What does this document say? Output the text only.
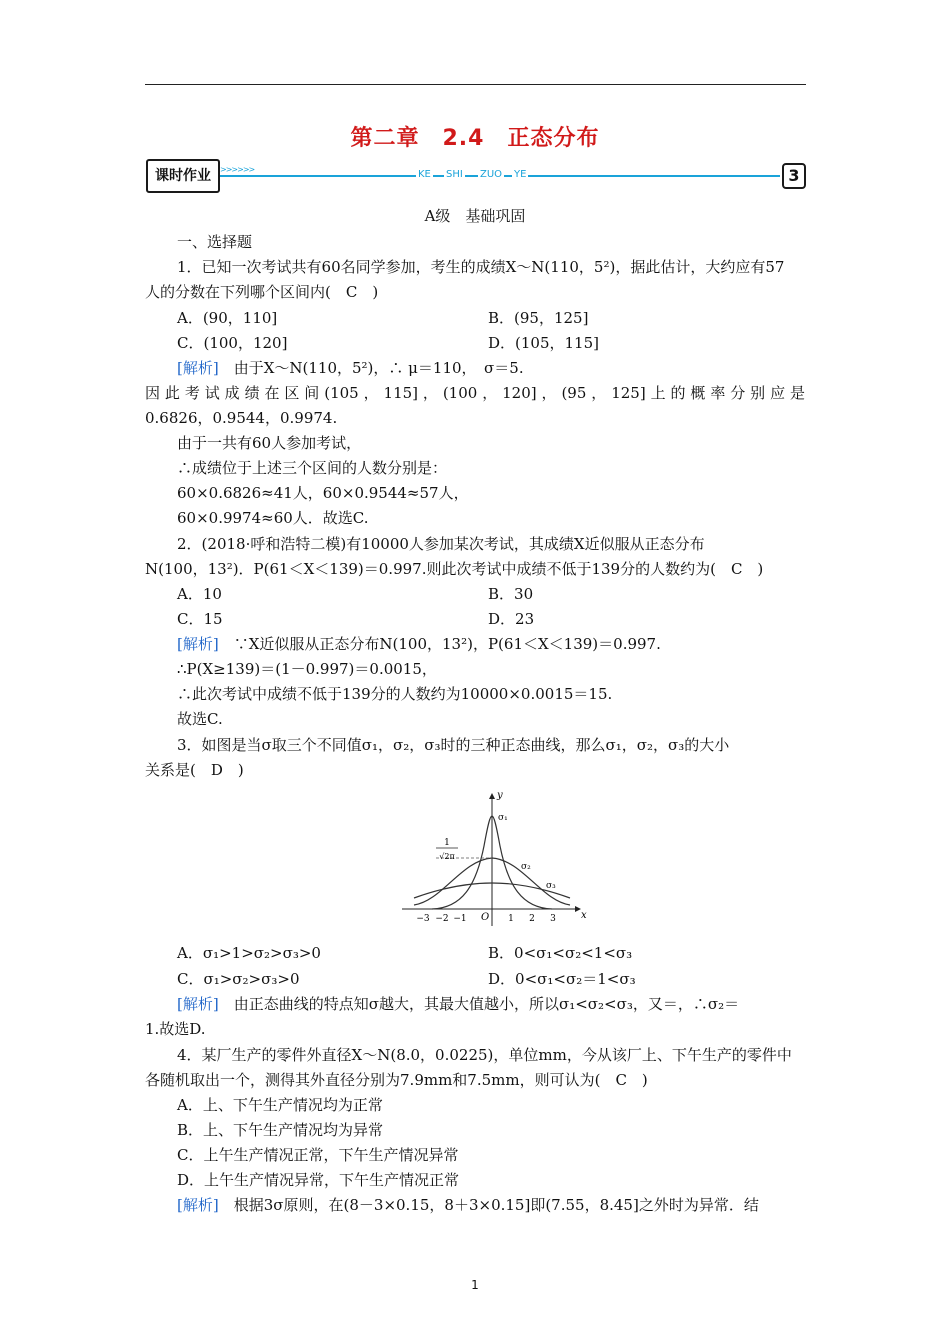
第二章　2.4　正态分布
课时作业	>>>>>>	KE SHI ZUO YE	3
A级　基础巩固
一、选择题
1．已知一次考试共有60名同学参加，考生的成绩X～N(110，5²)，据此估计，大约应有57
人的分数在下列哪个区间内(　C　)
A．(90，110]	B．(95，125]
C．(100，120]	D．(105，115]
[解析]　由于X～N(110，5²)，∴ μ＝110，　σ＝5.
因此考试成绩在区间(105，115]，(100，120]，(95，125]上的概率分别应是
0.6826，0.9544，0.9974.
由于一共有60人参加考试，
∴成绩位于上述三个区间的人数分别是：
60×0.6826≈41人，60×0.9544≈57人，
60×0.9974≈60人．故选C.
2．(2018·呼和浩特二模)有10000人参加某次考试，其成绩X近似服从正态分布
N(100，13²)．P(61＜X＜139)＝0.997.则此次考试中成绩不低于139分的人数约为(　C　)
A．10	B．30
C．15	D．23
[解析]　∵X近似服从正态分布N(100，13²)，P(61＜X＜139)＝0.997.
∴P(X≥139)＝(1－0.997)＝0.0015，
∴此次考试中成绩不低于139分的人数约为10000×0.0015＝15.
故选C.
3．如图是当σ取三个不同值σ₁，σ₂，σ₃时的三种正态曲线，那么σ₁，σ₂，σ₃的大小
关系是(　D　)
y
x
O
1
√2π
σ₁
σ₂
σ₃
−3 −2 −1	1 2 3
A．σ₁>1>σ₂>σ₃>0	B．0<σ₁<σ₂<1<σ₃
C．σ₁>σ₂>σ₃>0	D．0<σ₁<σ₂＝1<σ₃
[解析]　由正态曲线的特点知σ越大，其最大值越小，所以σ₁<σ₂<σ₃，又＝，∴σ₂＝
1.故选D.
4．某厂生产的零件外直径X～N(8.0，0.0225)，单位mm，今从该厂上、下午生产的零件中
各随机取出一个，测得其外直径分别为7.9mm和7.5mm，则可认为(　C　)
A．上、下午生产情况均为正常
B．上、下午生产情况均为异常
C．上午生产情况正常，下午生产情况异常
D．上午生产情况异常，下午生产情况正常
[解析]　根据3σ原则，在(8－3×0.15，8＋3×0.15]即(7.55，8.45]之外时为异常．结
1
